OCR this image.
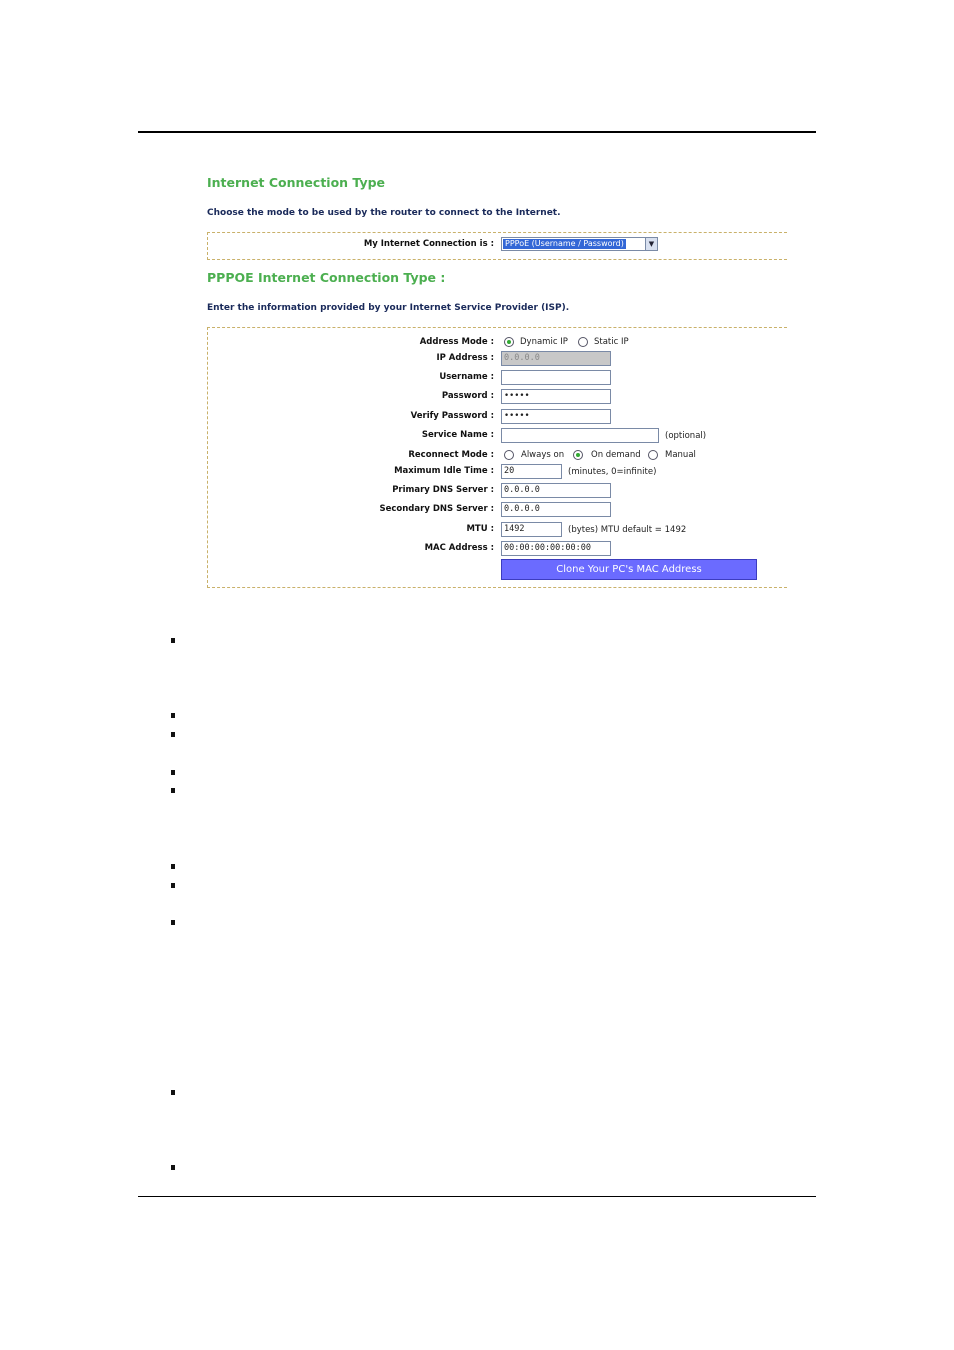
Internet Connection Type
Choose the mode to be used by the router to connect to the Internet.
My Internet Connection is : PPPoE (Username / Password)	▼
PPPOE Internet Connection Type :
Enter the information provided by your Internet Service Provider (ISP).
Address Mode :	Dynamic IP	Static IP
IP Address :	0.0.0.0
Username :
Password :	•••••
Verify Password :	•••••
Service Name :	(optional)
Reconnect Mode :	Always on	On demand	Manual
Maximum Idle Time :	20	(minutes, 0=infinite)
Primary DNS Server :	0.0.0.0
Secondary DNS Server :	0.0.0.0
MTU :	1492	(bytes) MTU default = 1492
MAC Address :	00:00:00:00:00:00
Clone Your PC's MAC Address
